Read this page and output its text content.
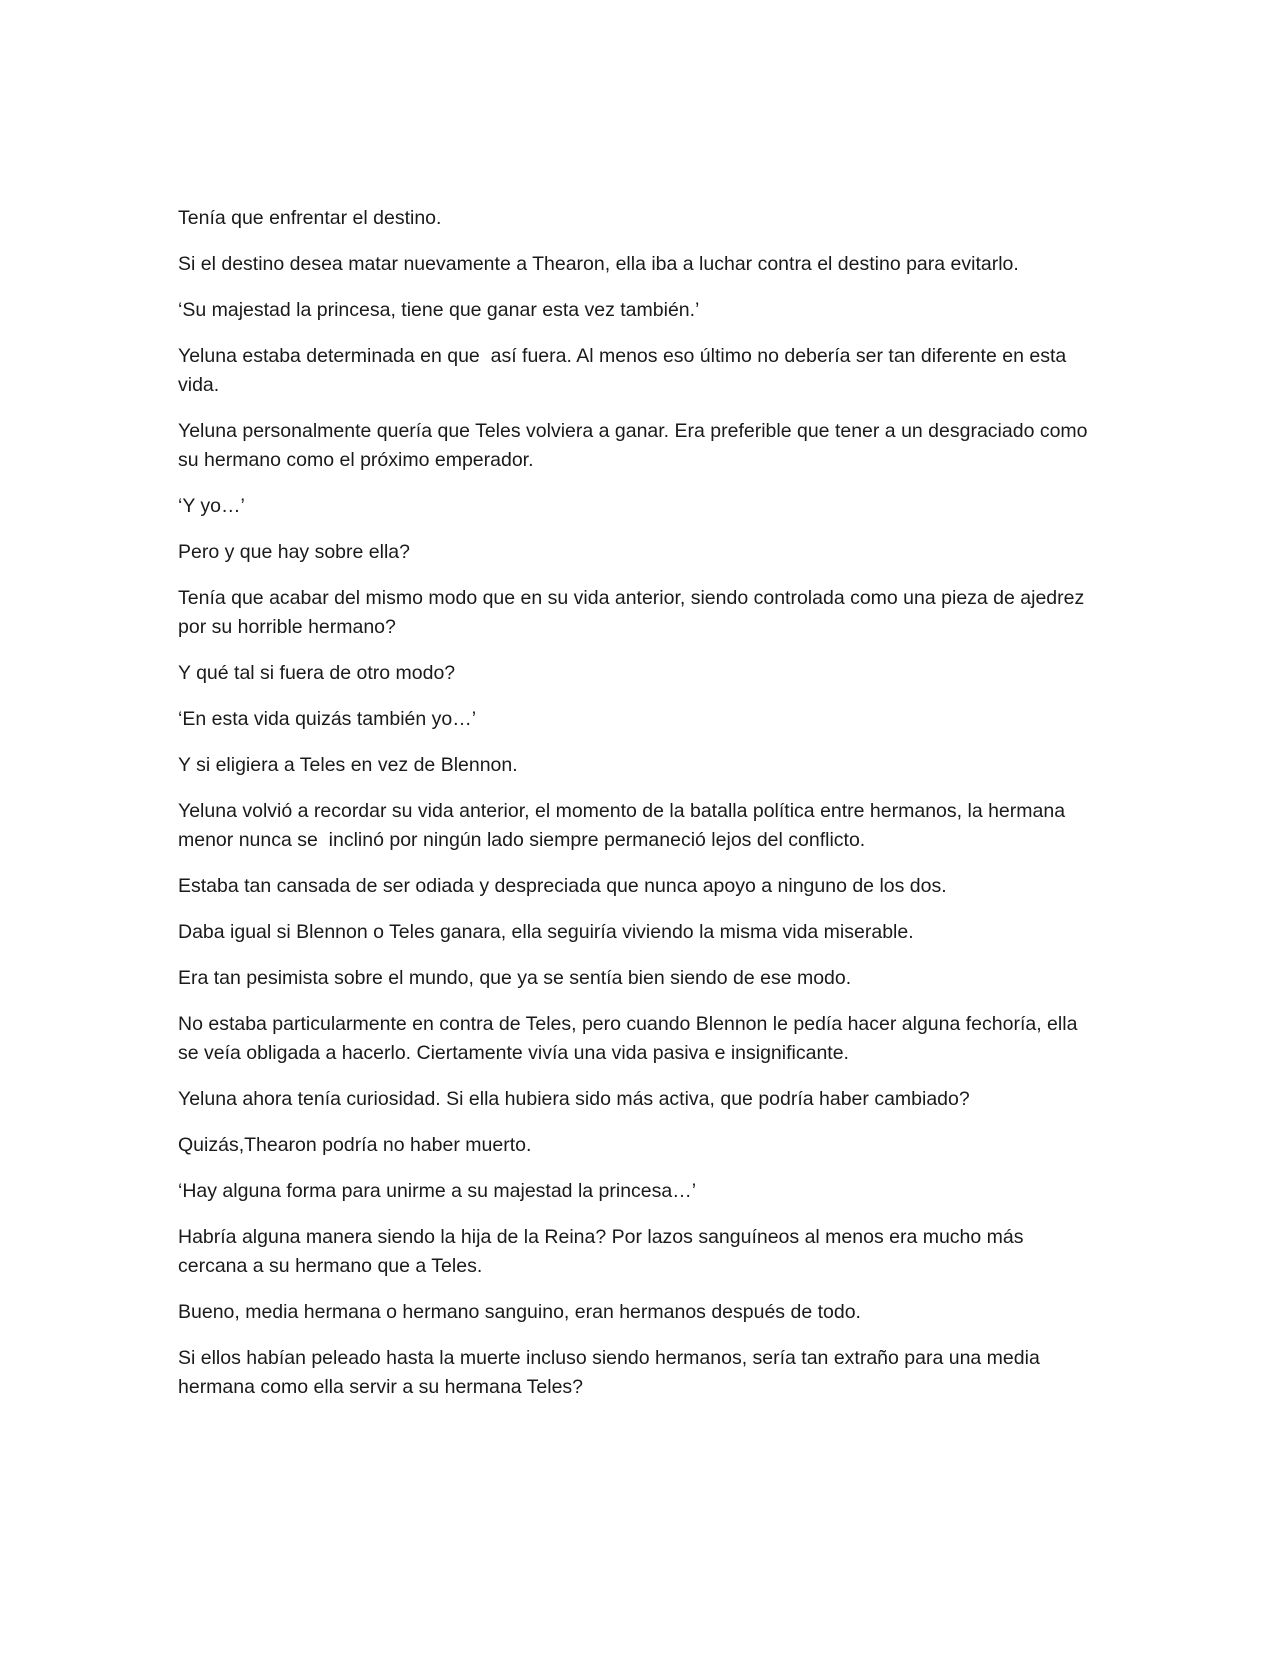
Tenía que enfrentar el destino.

Si el destino desea matar nuevamente a Thearon, ella iba a luchar contra el destino para evitarlo.

‘Su majestad la princesa, tiene que ganar esta vez también.’

Yeluna estaba determinada en que  así fuera. Al menos eso último no debería ser tan diferente en esta vida.

Yeluna personalmente quería que Teles volviera a ganar. Era preferible que tener a un desgraciado como su hermano como el próximo emperador.

‘Y yo…’

Pero y que hay sobre ella?

Tenía que acabar del mismo modo que en su vida anterior, siendo controlada como una pieza de ajedrez por su horrible hermano?

Y qué tal si fuera de otro modo?

‘En esta vida quizás también yo…’

Y si eligiera a Teles en vez de Blennon.

Yeluna volvió a recordar su vida anterior, el momento de la batalla política entre hermanos, la hermana menor nunca se  inclinó por ningún lado siempre permaneció lejos del conflicto.

Estaba tan cansada de ser odiada y despreciada que nunca apoyo a ninguno de los dos.

Daba igual si Blennon o Teles ganara, ella seguiría viviendo la misma vida miserable.

Era tan pesimista sobre el mundo, que ya se sentía bien siendo de ese modo.

No estaba particularmente en contra de Teles, pero cuando Blennon le pedía hacer alguna fechoría, ella se veía obligada a hacerlo. Ciertamente vivía una vida pasiva e insignificante.

Yeluna ahora tenía curiosidad. Si ella hubiera sido más activa, que podría haber cambiado?

Quizás,Thearon podría no haber muerto.

‘Hay alguna forma para unirme a su majestad la princesa…’

Habría alguna manera siendo la hija de la Reina? Por lazos sanguíneos al menos era mucho más cercana a su hermano que a Teles.

Bueno, media hermana o hermano sanguino, eran hermanos después de todo.

Si ellos habían peleado hasta la muerte incluso siendo hermanos, sería tan extraño para una media hermana como ella servir a su hermana Teles?
